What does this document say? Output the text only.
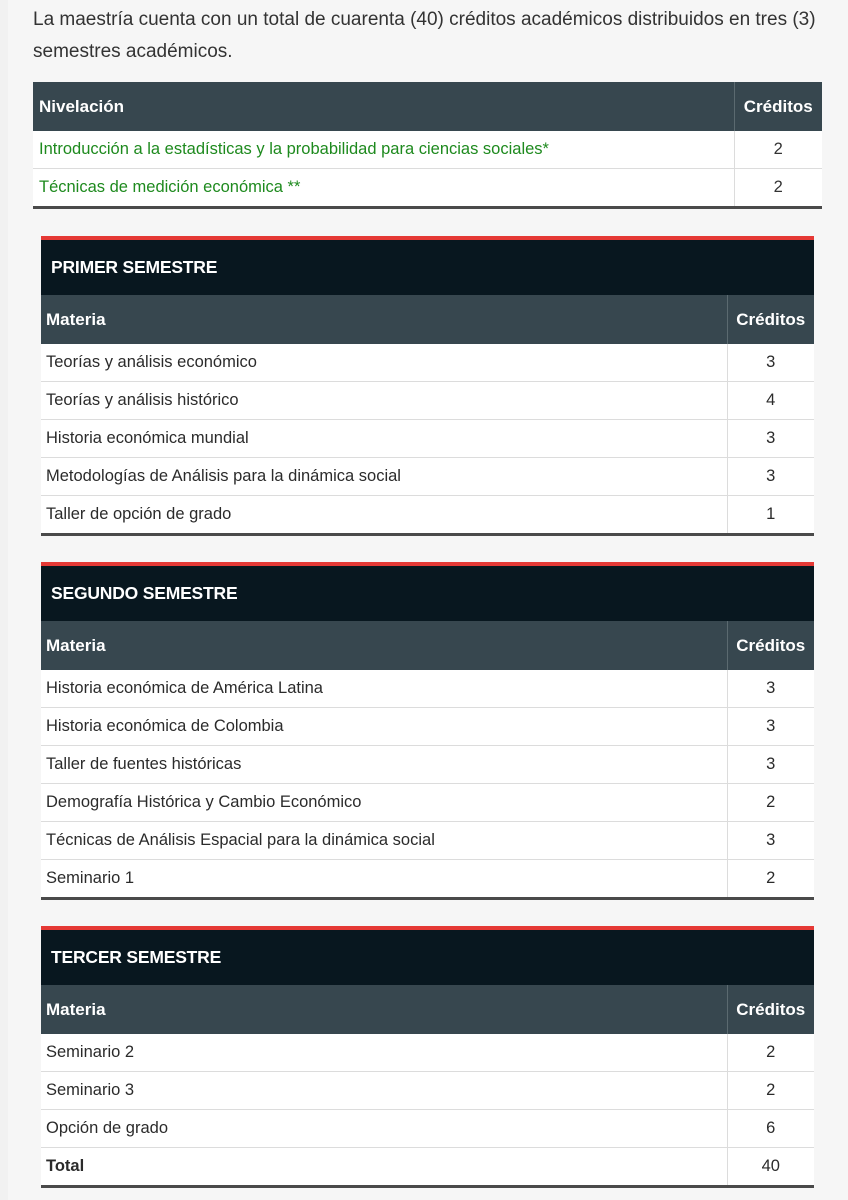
La maestría cuenta con un total de cuarenta (40) créditos académicos distribuidos en tres (3) semestres académicos.

Nivelación	Créditos
Introducción a la estadísticas y la probabilidad para ciencias sociales*	2
Técnicas de medición económica **	2
PRIMER SEMESTRE
Materia	Créditos
Teorías y análisis económico	3
Teorías y análisis histórico	4
Historia económica mundial	3
Metodologías de Análisis para la dinámica social	3
Taller de opción de grado	1
SEGUNDO SEMESTRE
Materia	Créditos
Historia económica de América Latina	3
Historia económica de Colombia	3
Taller de fuentes históricas	3
Demografía Histórica y Cambio Económico	2
Técnicas de Análisis Espacial para la dinámica social	3
Seminario 1	2
TERCER SEMESTRE
Materia	Créditos
Seminario 2	2
Seminario 3	2
Opción de grado	6
Total	40
